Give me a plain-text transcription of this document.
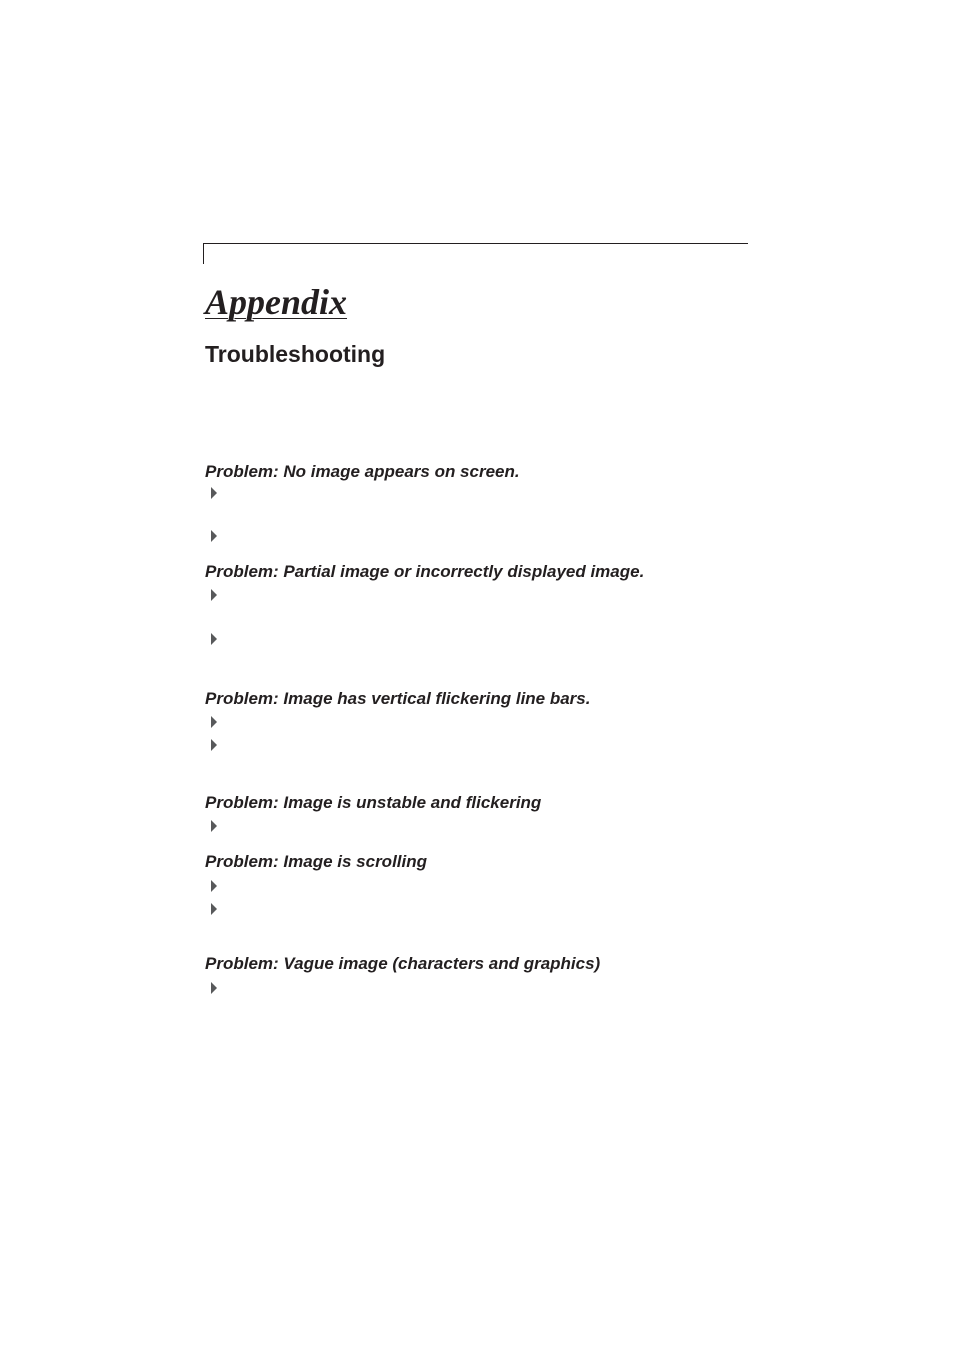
Appendix
Troubleshooting

Problem: No image appears on screen.

Problem: Partial image or incorrectly displayed image.

Problem: Image has vertical flickering line bars.

Problem: Image is unstable and flickering

Problem: Image is scrolling

Problem: Vague image (characters and graphics)
